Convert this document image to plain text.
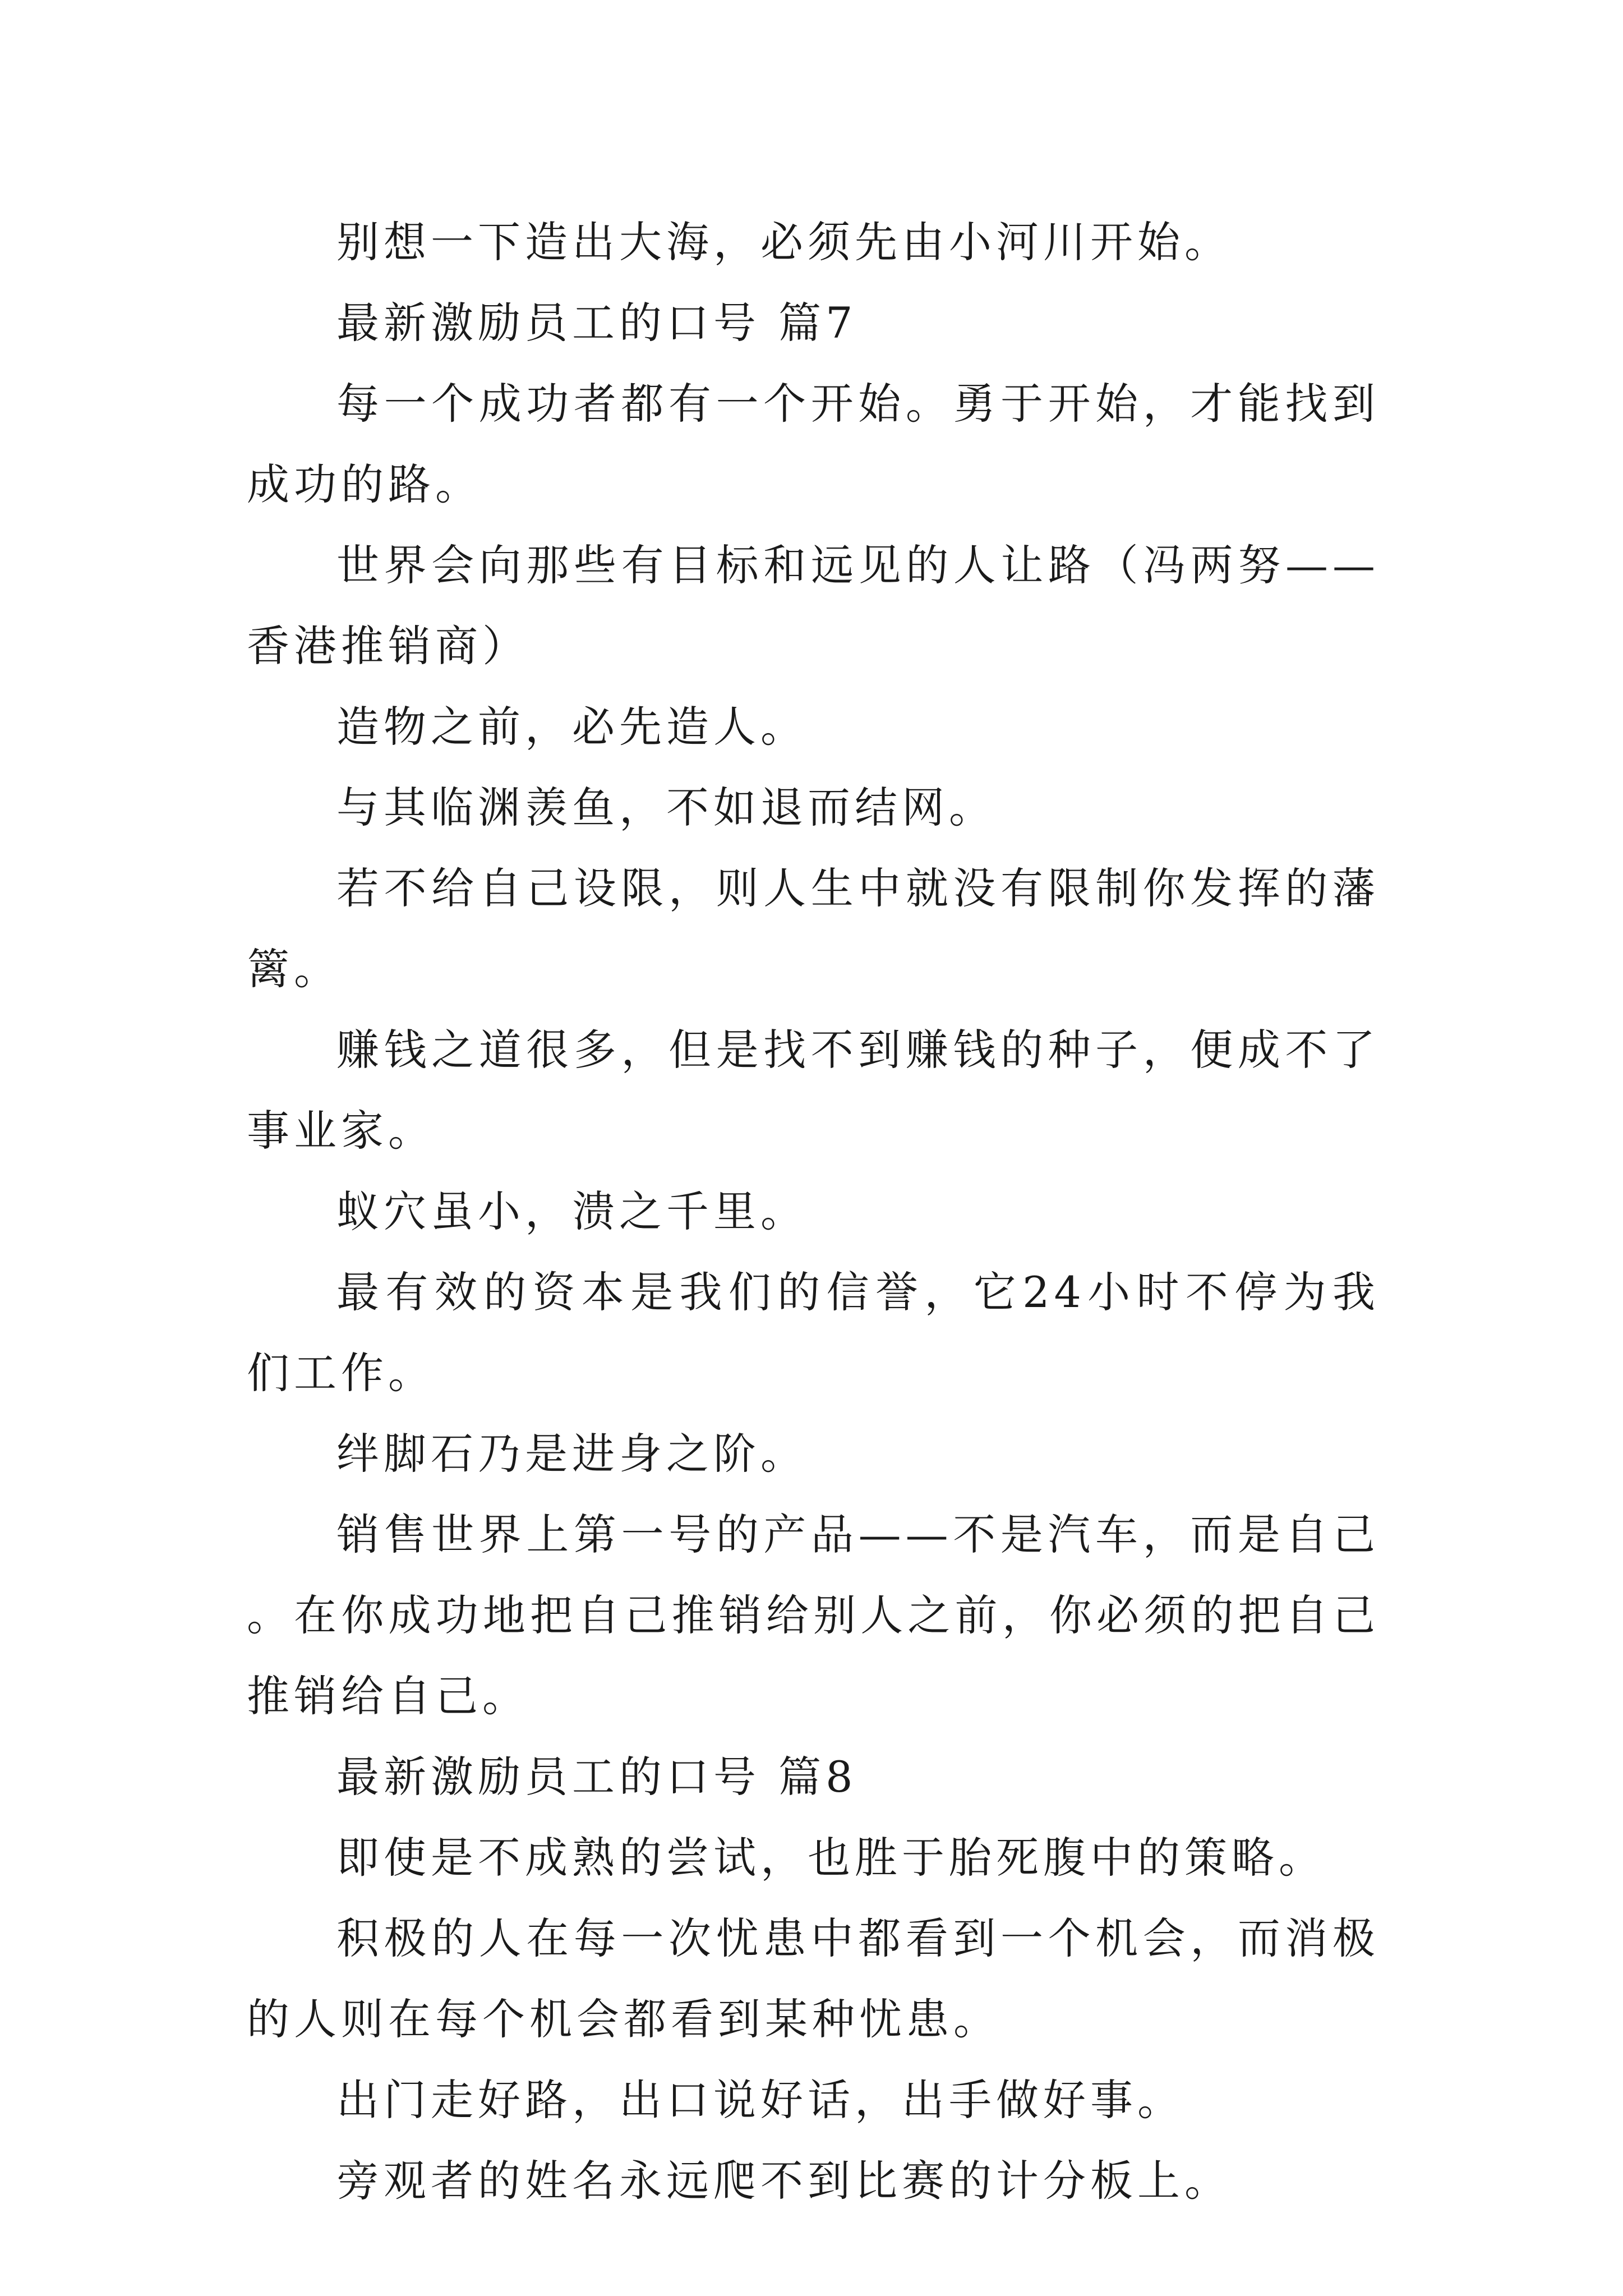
别想一下造出大海，必须先由小河川开始。

最新激励员工的口号 篇7

每一个成功者都有一个开始。勇于开始，才能找到成功的路。

世界会向那些有目标和远见的人让路（冯两努——香港推销商）

造物之前，必先造人。

与其临渊羡鱼，不如退而结网。

若不给自己设限，则人生中就没有限制你发挥的藩篱。

赚钱之道很多，但是找不到赚钱的种子，便成不了事业家。

蚁穴虽小，溃之千里。

最有效的资本是我们的信誉，它24小时不停为我们工作。

绊脚石乃是进身之阶。

销售世界上第一号的产品——不是汽车，而是自己。在你成功地把自己推销给别人之前，你必须的把自己推销给自己。

最新激励员工的口号 篇8

即使是不成熟的尝试，也胜于胎死腹中的策略。

积极的人在每一次忧患中都看到一个机会，而消极的人则在每个机会都看到某种忧患。

出门走好路，出口说好话，出手做好事。

旁观者的姓名永远爬不到比赛的计分板上。
